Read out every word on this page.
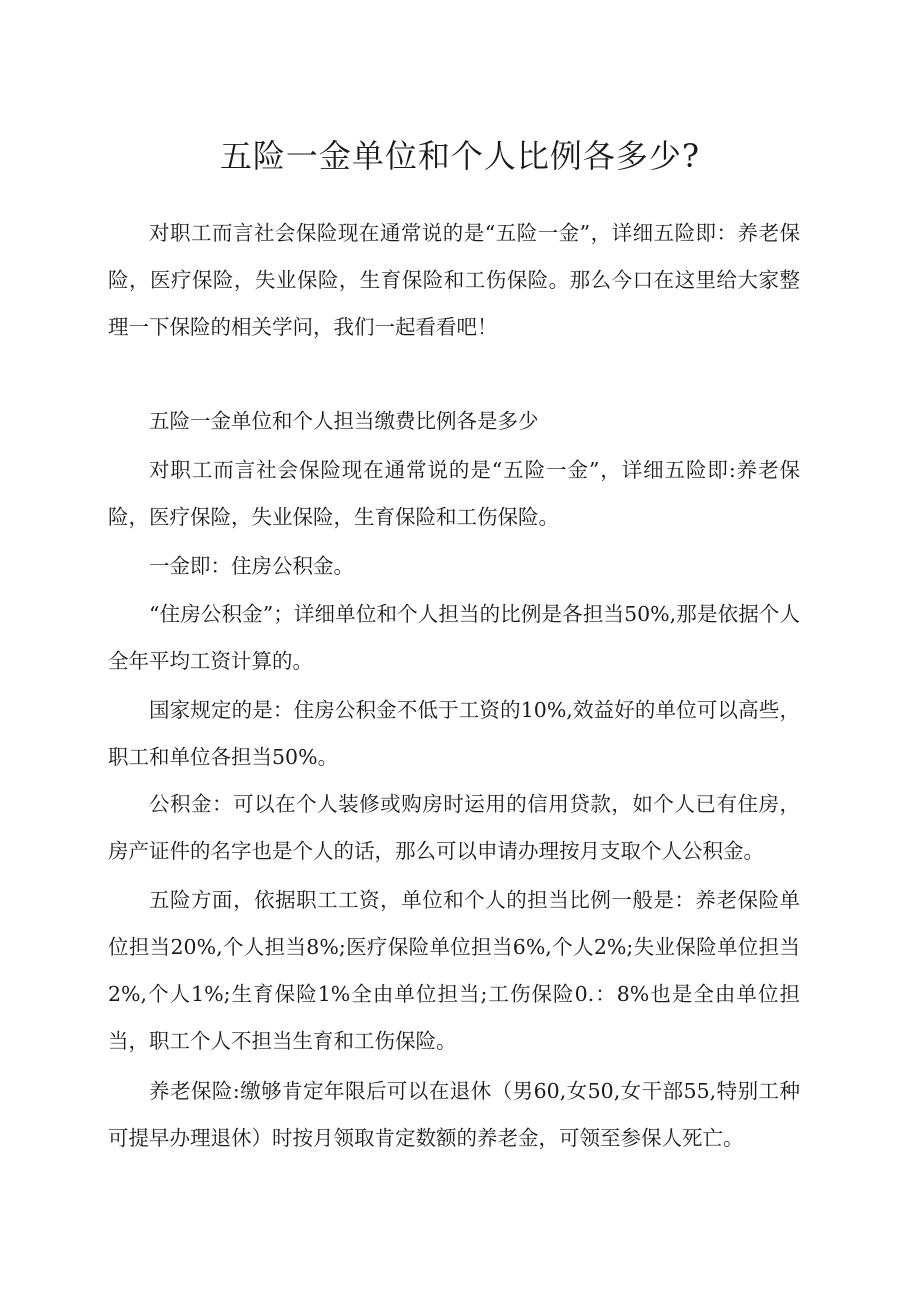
五险一金单位和个人比例各多少?

对职工而言社会保险现在通常说的是“五险一金”，详细五险即：养老保险，医疗保险，失业保险，生育保险和工伤保险。那么今口在这里给大家整理一下保险的相关学问，我们一起看看吧！

五险一金单位和个人担当缴费比例各是多少

对职工而言社会保险现在通常说的是“五险一金”，详细五险即:养老保险，医疗保险，失业保险，生育保险和工伤保险。

一金即：住房公积金。

“住房公积金”；详细单位和个人担当的比例是各担当50%,那是依据个人全年平均工资计算的。

国家规定的是：住房公积金不低于工资的10%,效益好的单位可以高些，职工和单位各担当50%。

公积金：可以在个人装修或购房时运用的信用贷款，如个人已有住房，房产证件的名字也是个人的话，那么可以申请办理按月支取个人公积金。

五险方面，依据职工工资，单位和个人的担当比例一般是：养老保险单位担当20%,个人担当8%;医疗保险单位担当6%,个人2%;失业保险单位担当2%,个人1%;生育保险1%全由单位担当;工伤保险0.：8%也是全由单位担当，职工个人不担当生育和工伤保险。

养老保险:缴够肯定年限后可以在退休（男60,女50,女干部55,特别工种可提早办理退休）时按月领取肯定数额的养老金，可领至参保人死亡。
